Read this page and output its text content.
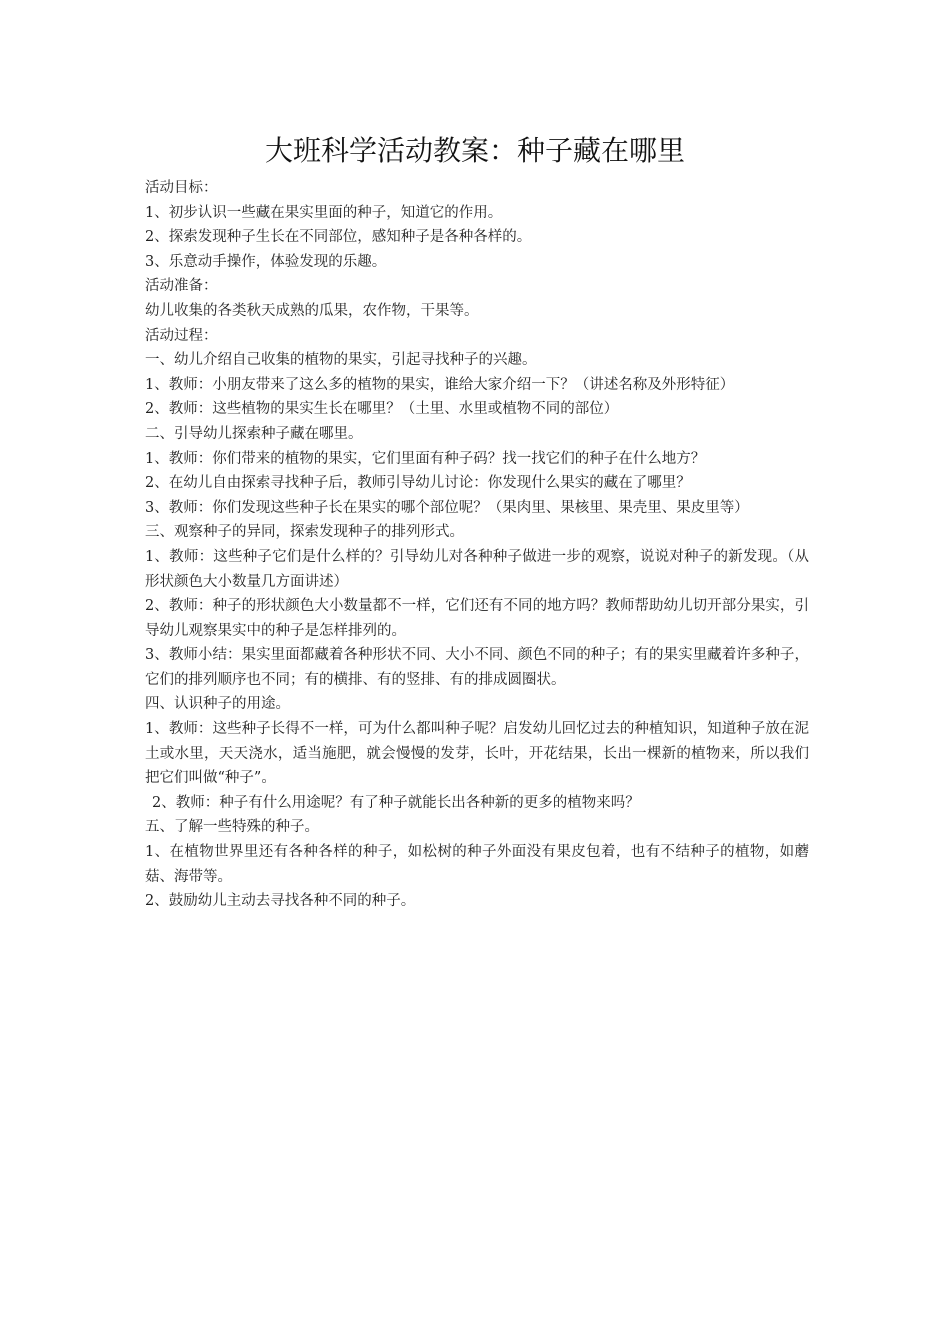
大班科学活动教案：种子藏在哪里

活动目标：

1、初步认识一些藏在果实里面的种子，知道它的作用。

2、探索发现种子生长在不同部位，感知种子是各种各样的。

3、乐意动手操作，体验发现的乐趣。

活动准备：

幼儿收集的各类秋天成熟的瓜果，农作物，干果等。

活动过程：

一、幼儿介绍自己收集的植物的果实，引起寻找种子的兴趣。

1、教师：小朋友带来了这么多的植物的果实，谁给大家介绍一下？（讲述名称及外形特征）

2、教师：这些植物的果实生长在哪里？（土里、水里或植物不同的部位）

二、引导幼儿探索种子藏在哪里。

1、教师：你们带来的植物的果实，它们里面有种子码？找一找它们的种子在什么地方？

2、在幼儿自由探索寻找种子后，教师引导幼儿讨论：你发现什么果实的藏在了哪里？

3、教师：你们发现这些种子长在果实的哪个部位呢？（果肉里、果核里、果壳里、果皮里等）

三、观察种子的异同，探索发现种子的排列形式。

1、教师：这些种子它们是什么样的？引导幼儿对各种种子做进一步的观察，说说对种子的新发现。（从形状颜色大小数量几方面讲述）

2、教师：种子的形状颜色大小数量都不一样，它们还有不同的地方吗？教师帮助幼儿切开部分果实，引导幼儿观察果实中的种子是怎样排列的。

3、教师小结：果实里面都藏着各种形状不同、大小不同、颜色不同的种子；有的果实里藏着许多种子，它们的排列顺序也不同；有的横排、有的竖排、有的排成圆圈状。

四、认识种子的用途。

1、教师：这些种子长得不一样，可为什么都叫种子呢？启发幼儿回忆过去的种植知识，知道种子放在泥土或水里，天天浇水，适当施肥，就会慢慢的发芽，长叶，开花结果，长出一棵新的植物来，所以我们把它们叫做“种子”。

2、教师：种子有什么用途呢？有了种子就能长出各种新的更多的植物来吗？

五、了解一些特殊的种子。

1、在植物世界里还有各种各样的种子，如松树的种子外面没有果皮包着，也有不结种子的植物，如蘑菇、海带等。

2、鼓励幼儿主动去寻找各种不同的种子。
